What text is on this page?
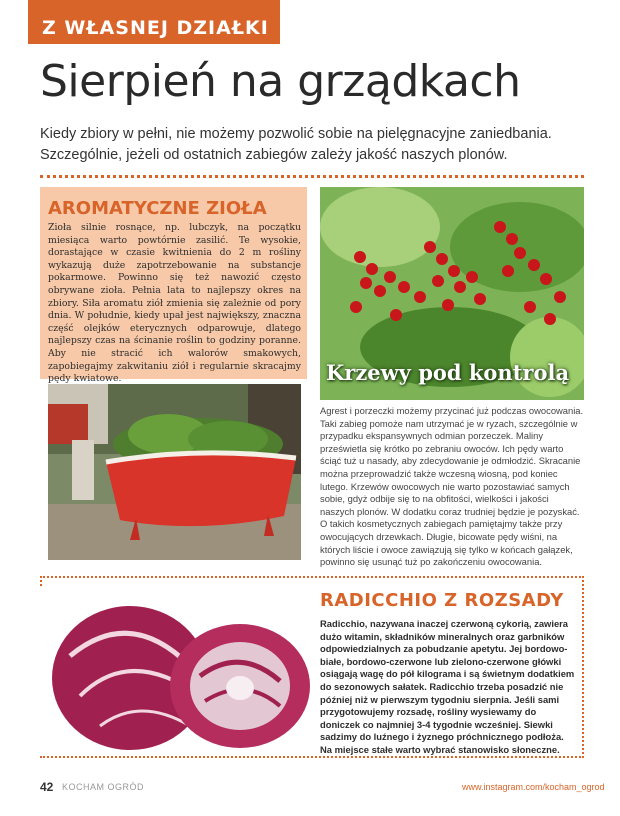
Z WŁASNEJ DZIAŁKI
Sierpień na grządkach
Kiedy zbiory w pełni, nie możemy pozwolić sobie na pielęgnacyjne zaniedbania. Szczególnie, jeżeli od ostatnich zabiegów zależy jakość naszych plonów.
AROMATYCZNE ZIOŁA
Zioła silnie rosnące, np. lubczyk, na początku miesiąca warto powtórnie zasilić. Te wysokie, dorastające w czasie kwitnienia do 2 m rośliny wykazują duże zapotrzebowanie na substancje pokarmowe. Powinno się też nawozić często obrywane zioła. Pełnia lata to najlepszy okres na zbiory. Siła aromatu ziół zmienia się zależnie od pory dnia. W południe, kiedy upał jest największy, znaczna część olejków eterycznych odparowuje, dlatego najlepszy czas na ścinanie roślin to godziny poranne. Aby nie stracić ich walorów smakowych, zapobiegajmy zakwitaniu ziół i regularnie skracajmy pędy kwiatowe.	Krzewy pod kontrolą
Agrest i porzeczki możemy przycinać już podczas owocowania. Taki zabieg pomoże nam utrzymać je w ryzach, szczególnie w przypadku ekspansywnych odmian porzeczek. Maliny prześwietla się krótko po zebraniu owoców. Ich pędy warto ściąć tuż u nasady, aby zdecydowanie je odmłodzić. Skracanie można przeprowadzić także wczesną wiosną, pod koniec lutego. Krzewów owocowych nie warto pozostawiać samych sobie, gdyż odbije się to na obfitości, wielkości i jakości naszych plonów. W dodatku coraz trudniej będzie je pozyskać. O takich kosmetycznych zabiegach pamiętajmy także przy owocujących drzewkach. Długie, bicowate pędy wiśni, na których liście i owoce zawiązują się tylko w końcach gałązek, powinno się usunąć tuż po zakończeniu owocowania.
RADICCHIO Z ROZSADY
Radicchio, nazywana inaczej czerwoną cykorią, zawiera dużo witamin, składników mineralnych oraz garbników odpowiedzialnych za pobudzanie apetytu. Jej bordowo-białe, bordowo-czerwone lub zielono-czerwone główki osiągają wagę do pół kilograma i są świetnym dodatkiem do sezonowych sałatek. Radicchio trzeba posadzić nie później niż w pierwszym tygodniu sierpnia. Jeśli sami przygotowujemy rozsadę, rośliny wysiewamy do doniczek co najmniej 3-4 tygodnie wcześniej. Siewki sadzimy do luźnego i żyznego próchnicznego podłoża. Na miejsce stałe warto wybrać stanowisko słoneczne.
42 KOCHAM OGRÓD	www.instagram.com/kocham_ogrod
